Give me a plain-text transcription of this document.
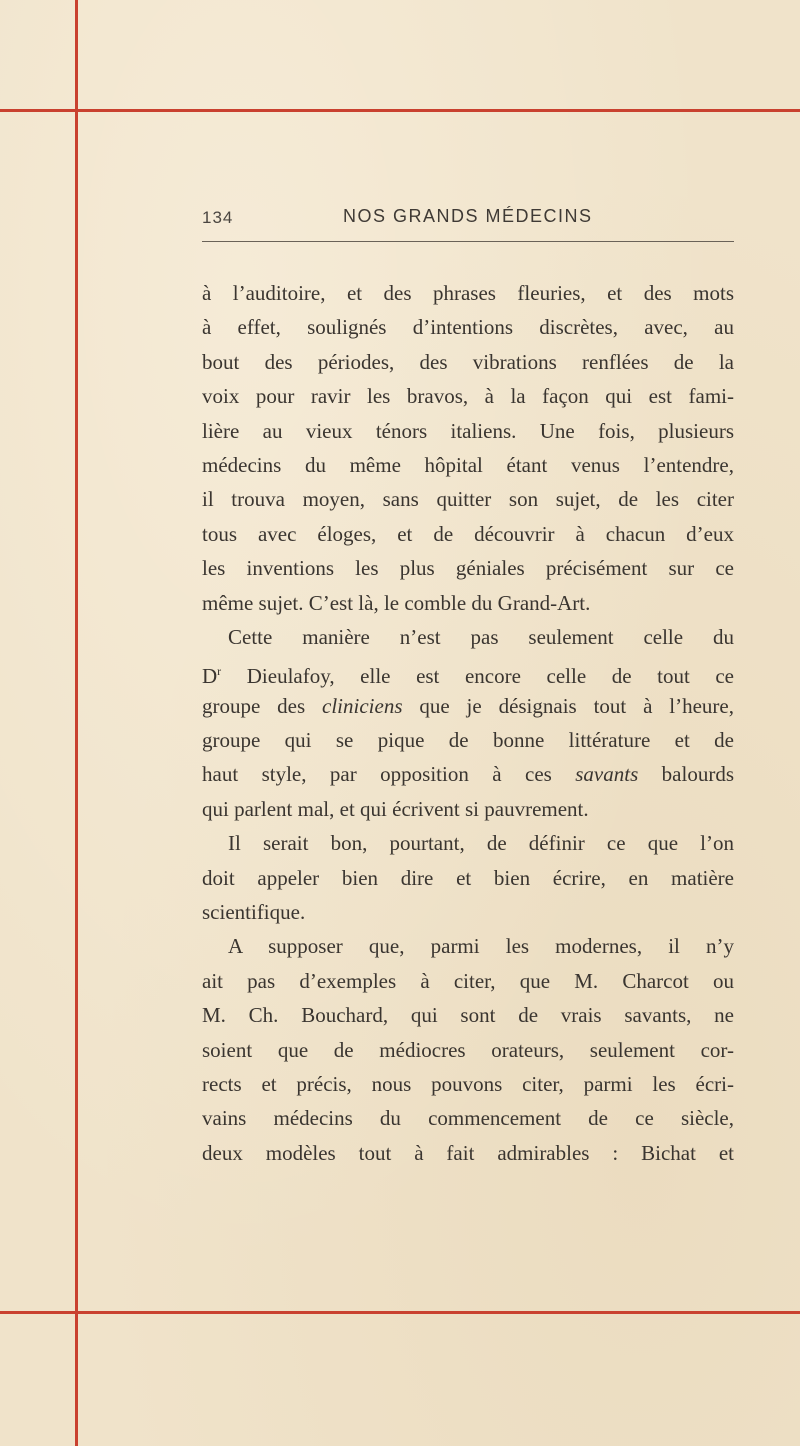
134	NOS GRANDS MÉDECINS
à l’auditoire, et des phrases fleuries, et des mots
à effet, soulignés d’intentions discrètes, avec, au
bout des périodes, des vibrations renflées de la
voix pour ravir les bravos, à la façon qui est fami-
lière au vieux ténors italiens. Une fois, plusieurs
médecins du même hôpital étant venus l’entendre,
il trouva moyen, sans quitter son sujet, de les citer
tous avec éloges, et de découvrir à chacun d’eux
les inventions les plus géniales précisément sur ce
même sujet. C’est là, le comble du Grand-Art.
Cette manière n’est pas seulement celle du
$D^r$ Dieulafoy, elle est encore celle de tout ce
groupe des cliniciens que je désignais tout à l’heure,
groupe qui se pique de bonne littérature et de
haut style, par opposition à ces savants balourds
qui parlent mal, et qui écrivent si pauvrement.
Il serait bon, pourtant, de définir ce que l’on
doit appeler bien dire et bien écrire, en matière
scientifique.
A supposer que, parmi les modernes, il n’y
ait pas d’exemples à citer, que M. Charcot ou
M. Ch. Bouchard, qui sont de vrais savants, ne
soient que de médiocres orateurs, seulement cor-
rects et précis, nous pouvons citer, parmi les écri-
vains médecins du commencement de ce siècle,
deux modèles tout à fait admirables : Bichat et
